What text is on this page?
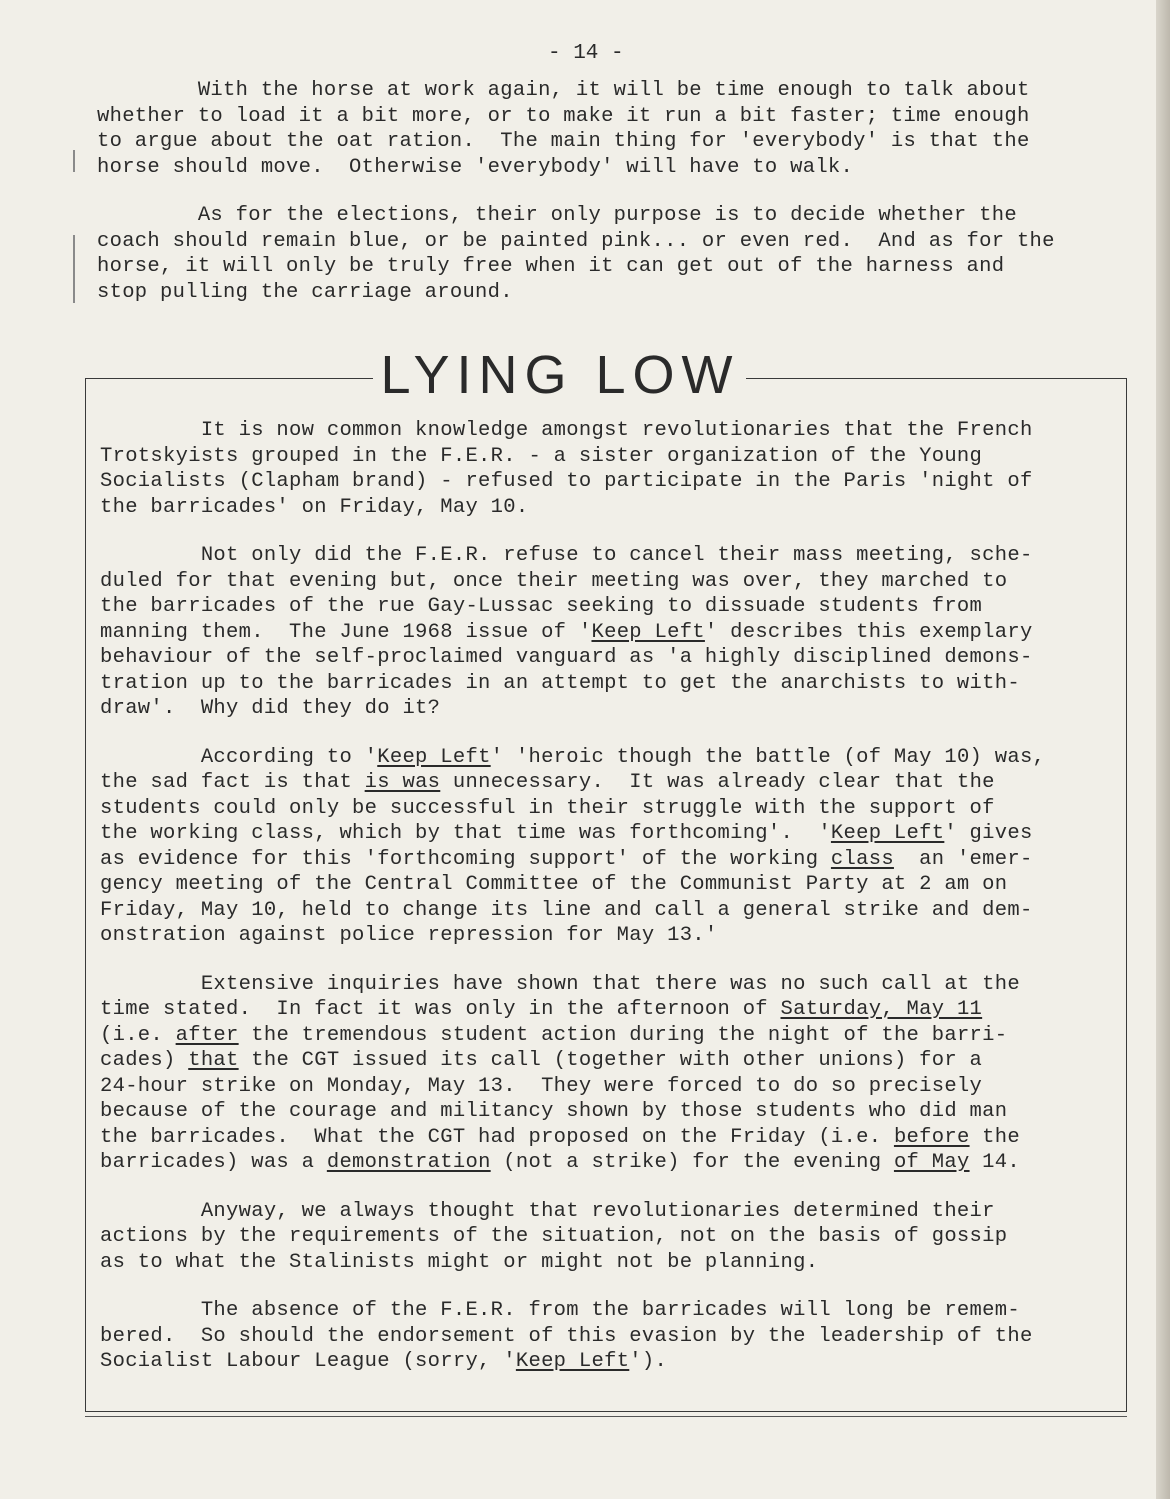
- 14 -
With the horse at work again, it will be time enough to talk about
whether to load it a bit more, or to make it run a bit faster; time enough
to argue about the oat ration.  The main thing for 'everybody' is that the
horse should move.  Otherwise 'everybody' will have to walk.
As for the elections, their only purpose is to decide whether the
coach should remain blue, or be painted pink... or even red.  And as for the
horse, it will only be truly free when it can get out of the harness and
stop pulling the carriage around.
LYING LOW
It is now common knowledge amongst revolutionaries that the French
Trotskyists grouped in the F.E.R. - a sister organization of the Young
Socialists (Clapham brand) - refused to participate in the Paris 'night of
the barricades' on Friday, May 10.
Not only did the F.E.R. refuse to cancel their mass meeting, sche-
duled for that evening but, once their meeting was over, they marched to
the barricades of the rue Gay-Lussac seeking to dissuade students from
manning them.  The June 1968 issue of 'Keep Left' describes this exemplary
behaviour of the self-proclaimed vanguard as 'a highly disciplined demons-
tration up to the barricades in an attempt to get the anarchists to with-
draw'.  Why did they do it?
According to 'Keep Left' 'heroic though the battle (of May 10) was,
the sad fact is that is was unnecessary.  It was already clear that the
students could only be successful in their struggle with the support of
the working class, which by that time was forthcoming'.  'Keep Left' gives
as evidence for this 'forthcoming support' of the working class  an 'emer-
gency meeting of the Central Committee of the Communist Party at 2 am on
Friday, May 10, held to change its line and call a general strike and dem-
onstration against police repression for May 13.'
Extensive inquiries have shown that there was no such call at the
time stated.  In fact it was only in the afternoon of Saturday, May 11
(i.e. after the tremendous student action during the night of the barri-
cades) that the CGT issued its call (together with other unions) for a
24-hour strike on Monday, May 13.  They were forced to do so precisely
because of the courage and militancy shown by those students who did man
the barricades.  What the CGT had proposed on the Friday (i.e. before the
barricades) was a demonstration (not a strike) for the evening of May 14.
Anyway, we always thought that revolutionaries determined their
actions by the requirements of the situation, not on the basis of gossip
as to what the Stalinists might or might not be planning.
The absence of the F.E.R. from the barricades will long be remem-
bered.  So should the endorsement of this evasion by the leadership of the
Socialist Labour League (sorry, 'Keep Left').
